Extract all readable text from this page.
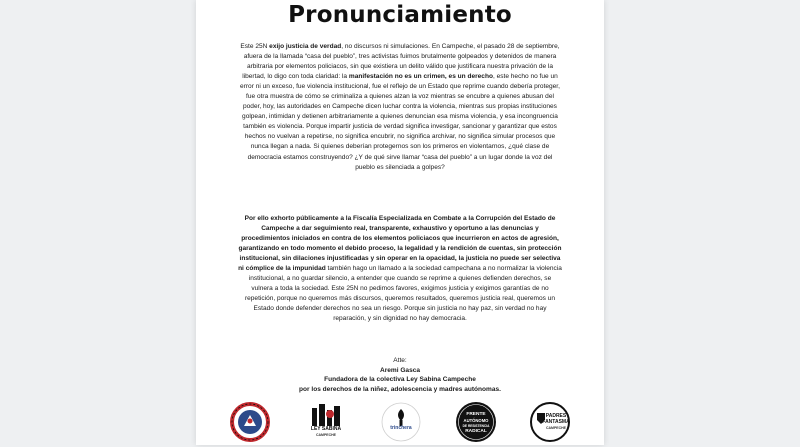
Pronunciamiento
Este 25N exijo justicia de verdad, no discursos ni simulaciones. En Campeche, el pasado 28 de septiembre, afuera de la llamada “casa del pueblo”, tres activistas fuimos brutalmente golpeados y detenidos de manera arbitraria por elementos policiacos, sin que existiera un delito válido que justificara nuestra privación de la libertad, lo digo con toda claridad: la manifestación no es un crimen, es un derecho, este hecho no fue un error ni un exceso, fue violencia institucional, fue el reflejo de un Estado que reprime cuando debería proteger, fue otra muestra de cómo se criminaliza a quienes alzan la voz mientras se encubre a quienes abusan del poder, hoy, las autoridades en Campeche dicen luchar contra la violencia, mientras sus propias instituciones golpean, intimidan y detienen arbitrariamente a quienes denuncian esa misma violencia, y esa incongruencia también es violencia. Porque impartir justicia de verdad significa investigar, sancionar y garantizar que estos hechos no vuelvan a repetirse, no significa encubrir, no significa archivar, no significa simular procesos que nunca llegan a nada. Si quienes deberían protegernos son los primeros en violentarnos, ¿qué clase de democracia estamos construyendo? ¿Y de qué sirve llamar “casa del pueblo” a un lugar donde la voz del pueblo es silenciada a golpes?
Por ello exhorto públicamente a la Fiscalía Especializada en Combate a la Corrupción del Estado de Campeche a dar seguimiento real, transparente, exhaustivo y oportuno a las denuncias y procedimientos iniciados en contra de los elementos policiacos que incurrieron en actos de agresión, garantizando en todo momento el debido proceso, la legalidad y la rendición de cuentas, sin protección institucional, sin dilaciones injustificadas y sin operar en la opacidad, la justicia no puede ser selectiva ni cómplice de la impunidad también hago un llamado a la sociedad campechana a no normalizar la violencia institucional, a no guardar silencio, a entender que cuando se reprime a quienes defienden derechos, se vulnera a toda la sociedad. Este 25N no pedimos favores, exigimos justicia y exigimos garantías de no repetición, porque no queremos más discursos, queremos resultados, queremos justicia real, queremos un Estado donde defender derechos no sea un riesgo. Porque sin justicia no hay paz, sin verdad no hay reparación, y sin dignidad no hay democracia.
Atte:
Aremi Gasca
Fundadora de la colectiva Ley Sabina Campeche
por los derechos de la niñez, adolescencia y madres autónomas.
LEY SABINA
CAMPECHE
trinchera
FRENTE
AUTÓNOMO
DE RESISTENCIA
RADICAL
PADRES
FANTASMA
CAMPECHE
